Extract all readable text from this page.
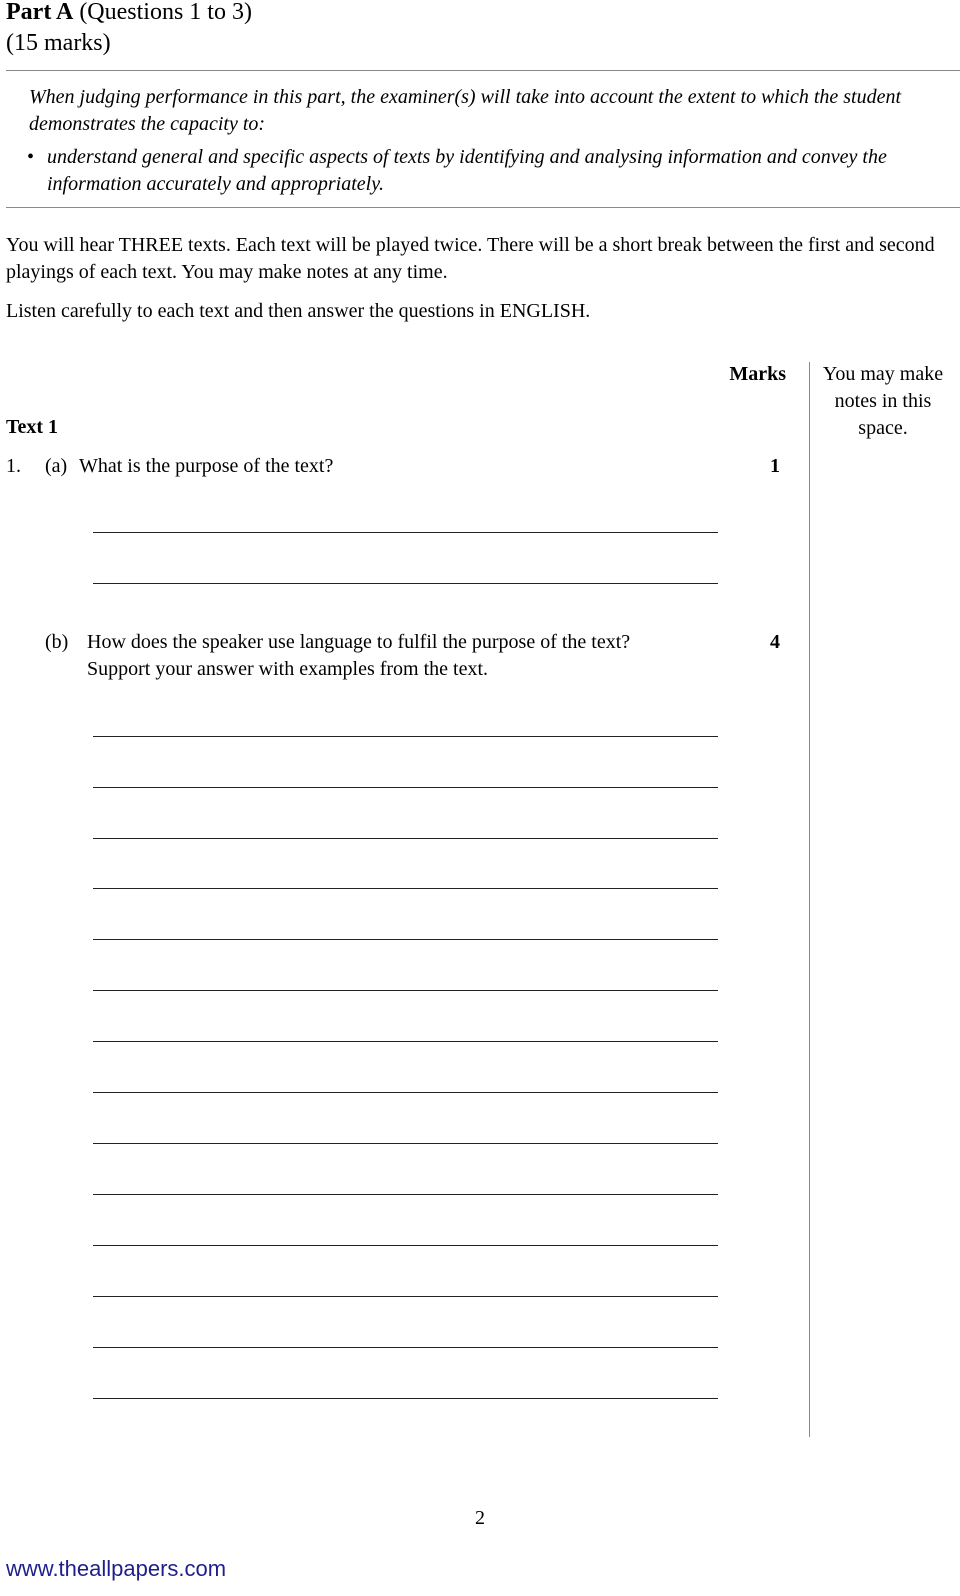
Part A (Questions 1 to 3)
(15 marks)
When judging performance in this part, the examiner(s) will take into account the extent to which the student demonstrates the capacity to:
• understand general and specific aspects of texts by identifying and analysing information and convey the information accurately and appropriately.
You will hear THREE texts. Each text will be played twice. There will be a short break between the first and second playings of each text. You may make notes at any time.
Listen carefully to each text and then answer the questions in ENGLISH.
Marks You may make notes in this space.
Text 1
1.	(a) What is the purpose of the text?	1
(b) How does the speaker use language to fulfil the purpose of the text?
Support your answer with examples from the text.
4
2
www.theallpapers.com
